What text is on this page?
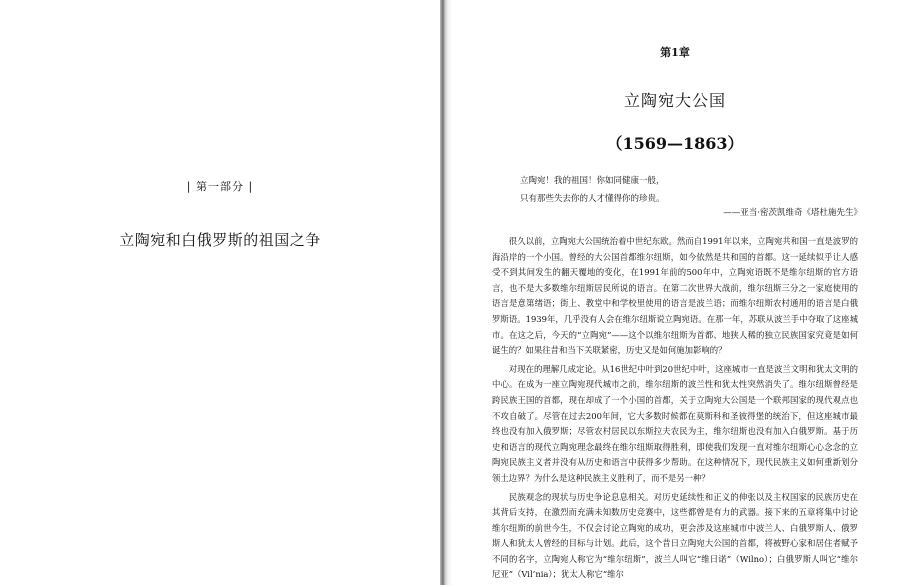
| 第一部分 |
立陶宛和白俄罗斯的祖国之争
第1章
立陶宛大公国
（1569—1863）
立陶宛！我的祖国！你如同健康一般，
只有那些失去你的人才懂得你的珍贵。
——亚当·密茨凯维奇《塔杜施先生》

很久以前，立陶宛大公国统治着中世纪东欧。然而自1991年以来，立陶宛共和国一直是波罗的海沿岸的一个小国。曾经的大公国首都维尔纽斯，如今依然是共和国的首都。这一延续似乎让人感受不到其间发生的翻天覆地的变化，在1991年前的500年中，立陶宛语既不是维尔纽斯的官方语言，也不是大多数维尔纽斯居民所说的语言。在第二次世界大战前，维尔纽斯三分之一家庭使用的语言是意第绪语；街上、教堂中和学校里使用的语言是波兰语；而维尔纽斯农村通用的语言是白俄罗斯语。1939年，几乎没有人会在维尔纽斯说立陶宛语。在那一年，苏联从波兰手中夺取了这座城市。在这之后，今天的“立陶宛”——这个以维尔纽斯为首都、地狭人稀的独立民族国家究竟是如何诞生的？如果往昔和当下关联紧密，历史又是如何施加影响的？

对现在的理解几成定论。从16世纪中叶到20世纪中叶，这座城市一直是波兰文明和犹太文明的中心。在成为一座立陶宛现代城市之前，维尔纽斯的波兰性和犹太性突然消失了。维尔纽斯曾经是跨民族王国的首都，现在却成了一个小国的首都，关于立陶宛大公国是一个联邦国家的现代观点也不攻自破了。尽管在过去200年间，它大多数时候都在莫斯科和圣彼得堡的统治下，但这座城市最终也没有加入俄罗斯；尽管农村居民以东斯拉夫农民为主，维尔纽斯也没有加入白俄罗斯。基于历史和语言的现代立陶宛理念最终在维尔纽斯取得胜利，即使我们发现一直对维尔纽斯心心念念的立陶宛民族主义者并没有从历史和语言中获得多少帮助。在这种情况下，现代民族主义如何重新划分领土边界？为什么是这种民族主义胜利了，而不是另一种？

民族观念的现状与历史争论息息相关。对历史延续性和正义的伸张以及主权国家的民族历史在其背后支持，在激烈而充满未知数历史竞赛中，这些都曾是有力的武器。接下来的五章将集中讨论维尔纽斯的前世今生，不仅会讨论立陶宛的成功，更会涉及这座城市中波兰人、白俄罗斯人、俄罗斯人和犹太人曾经的目标与计划。此后，这个昔日立陶宛大公国的首都，将被野心家和居住者赋予不同的名字，立陶宛人称它为“维尔纽斯”，波兰人叫它“维日诺”（Wilno）；白俄罗斯人叫它“维尔尼亚”（Vil’nia）；犹太人称它“维尔
